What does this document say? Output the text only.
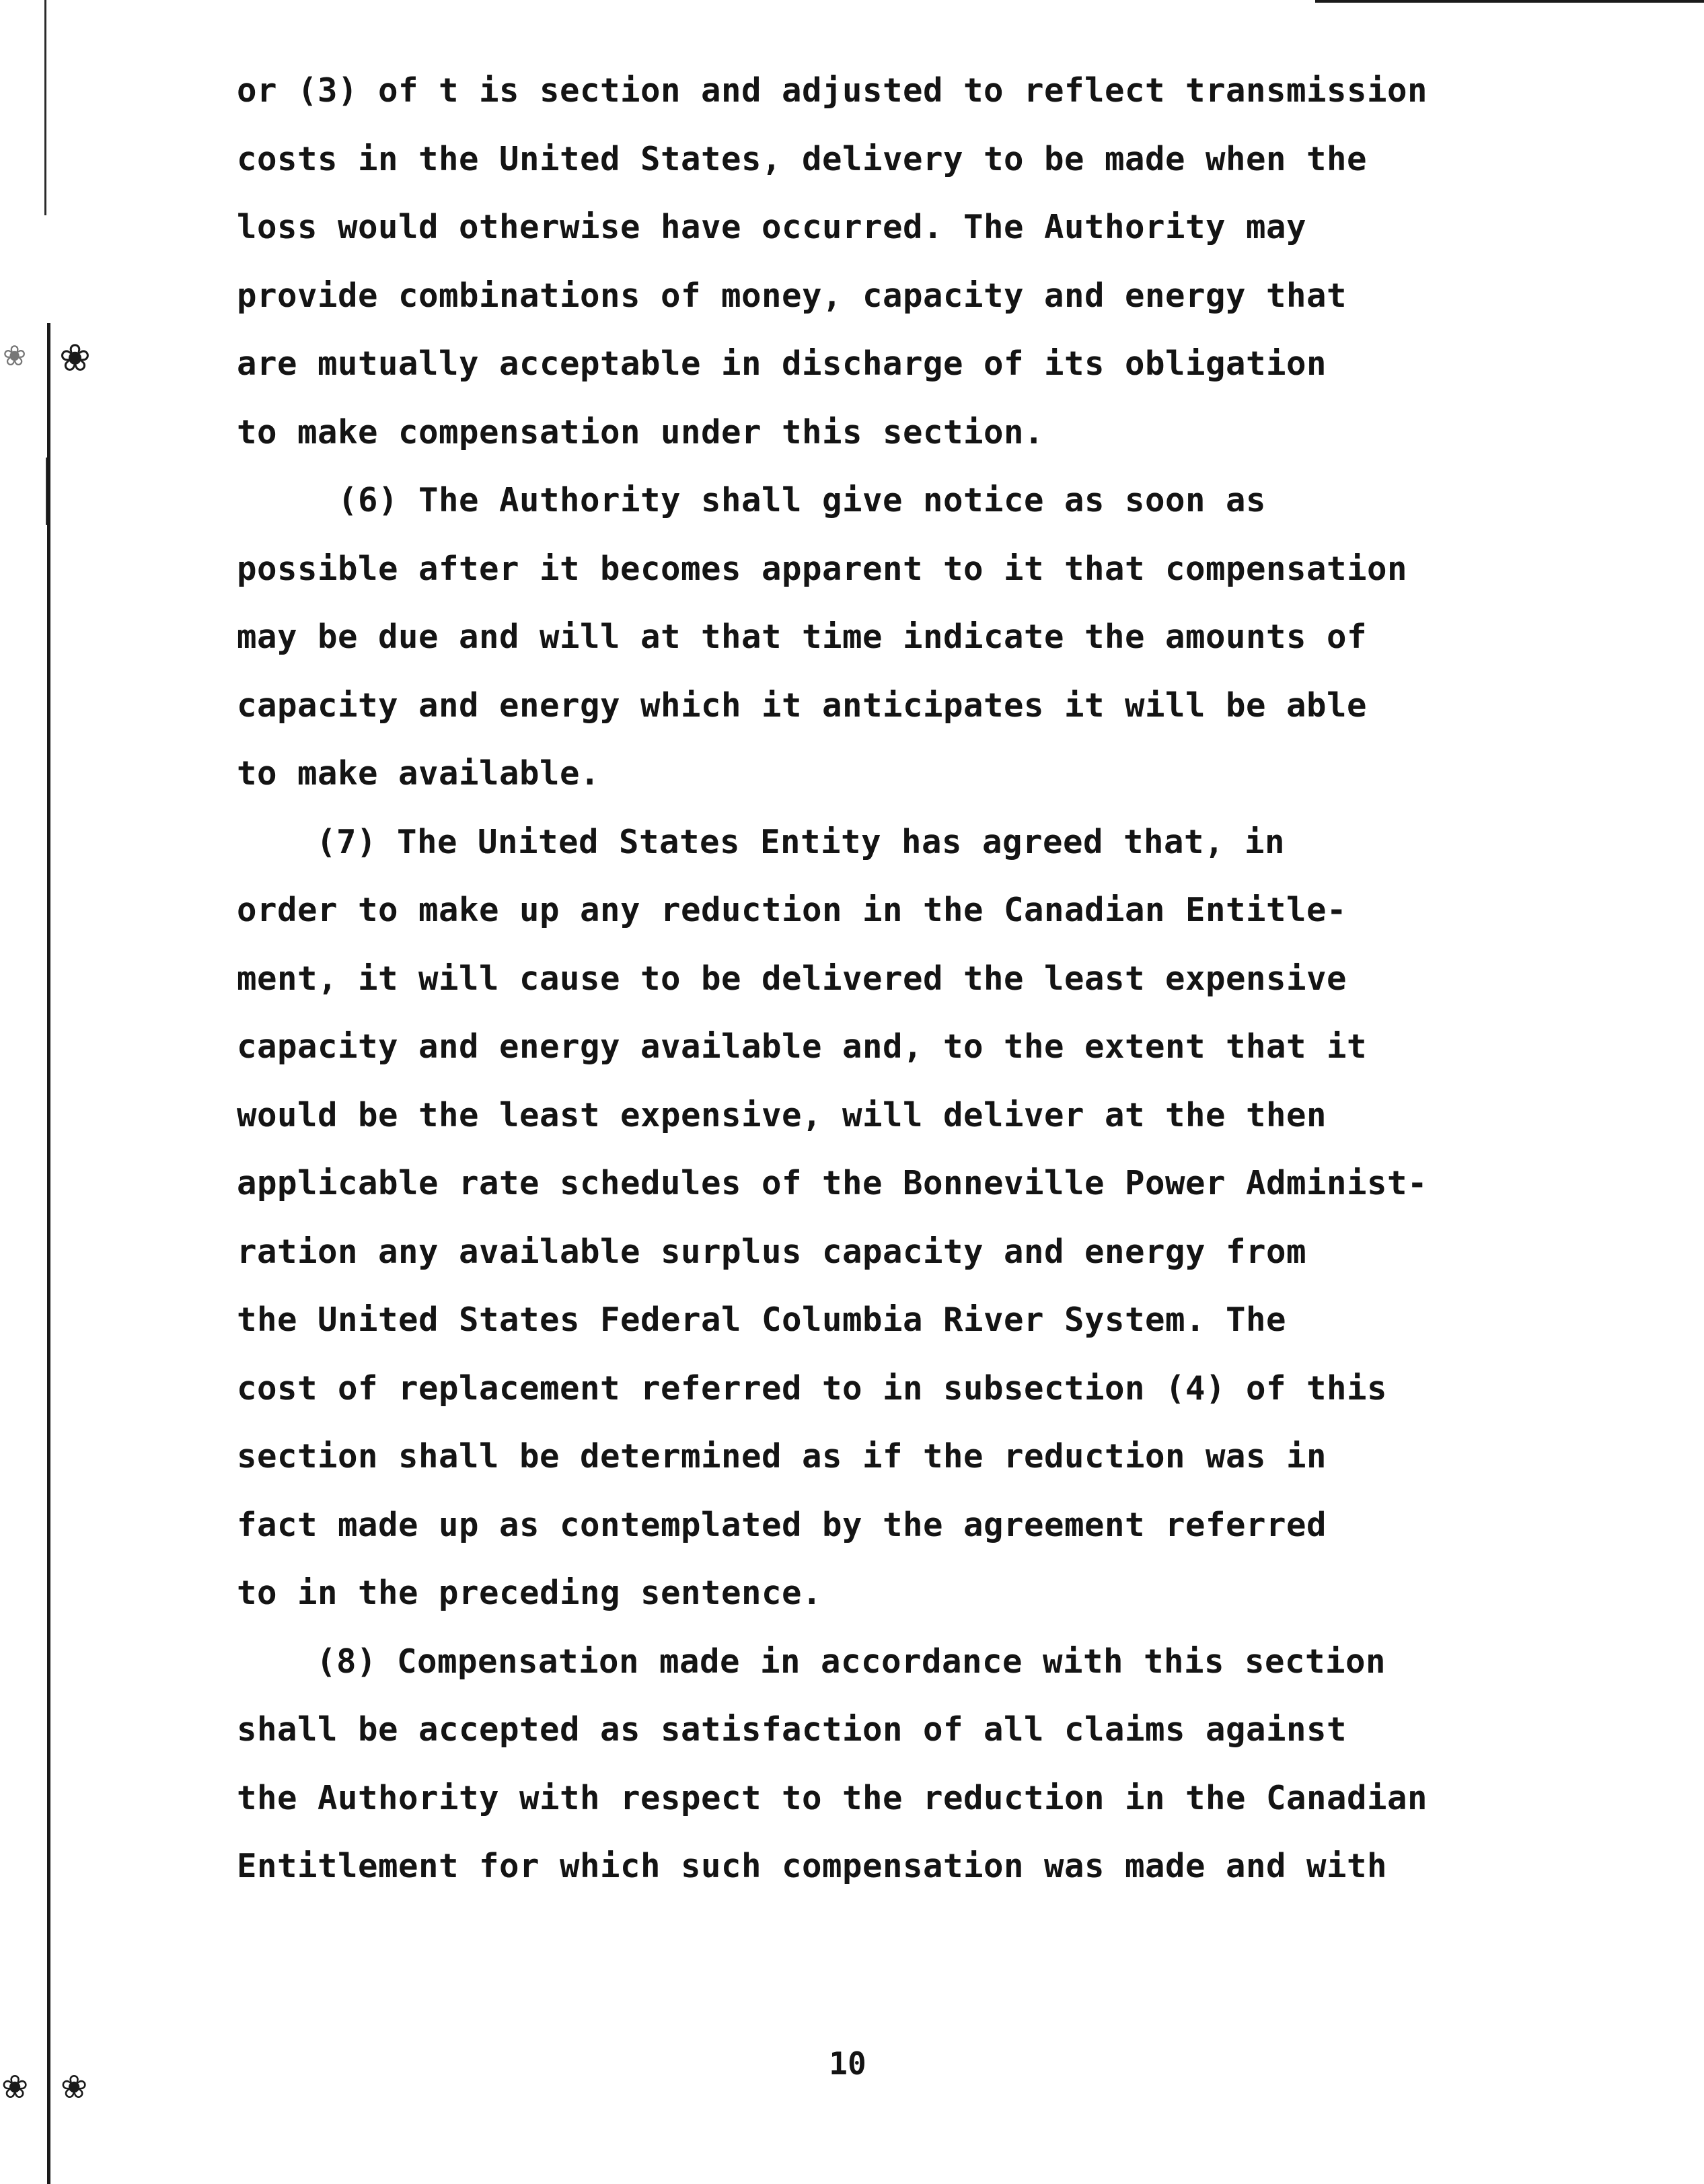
❀ ❀
❀ ❀
or (3) of t is section and adjusted to reflect transmission
costs in the United States, delivery to be made when the
loss would otherwise have occurred. The Authority may
provide combinations of money, capacity and energy that
are mutually acceptable in discharge of its obligation
to make compensation under this section.
(6) The Authority shall give notice as soon as
possible after it becomes apparent to it that compensation
may be due and will at that time indicate the amounts of
capacity and energy which it anticipates it will be able
to make available.
(7) The United States Entity has agreed that, in
order to make up any reduction in the Canadian Entitle-
ment, it will cause to be delivered the least expensive
capacity and energy available and, to the extent that it
would be the least expensive, will deliver at the then
applicable rate schedules of the Bonneville Power Administ-
ration any available surplus capacity and energy from
the United States Federal Columbia River System. The
cost of replacement referred to in subsection (4) of this
section shall be determined as if the reduction was in
fact made up as contemplated by the agreement referred
to in the preceding sentence.
(8) Compensation made in accordance with this section
shall be accepted as satisfaction of all claims against
the Authority with respect to the reduction in the Canadian
Entitlement for which such compensation was made and with
10
